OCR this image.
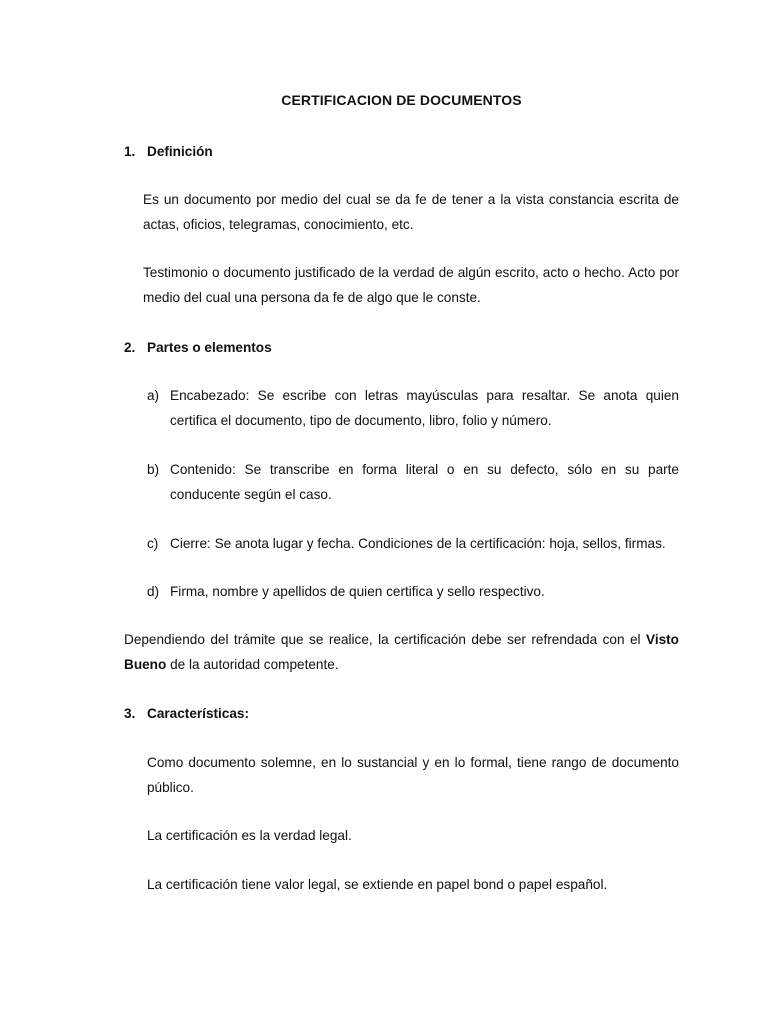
CERTIFICACION DE DOCUMENTOS
1. Definición
Es un documento por medio del cual se da fe de tener a la vista constancia escrita de actas, oficios, telegramas, conocimiento, etc.
Testimonio o documento justificado de la verdad de algún escrito, acto o hecho. Acto por medio del cual una persona da fe de algo que le conste.
2. Partes o elementos
a) Encabezado: Se escribe con letras mayúsculas para resaltar. Se anota quien certifica el documento, tipo de documento, libro, folio y número.
b) Contenido: Se transcribe en forma literal o en su defecto, sólo en su parte conducente según el caso.
c) Cierre: Se anota lugar y fecha. Condiciones de la certificación: hoja, sellos, firmas.
d) Firma, nombre y apellidos de quien certifica y sello respectivo.
Dependiendo del trámite que se realice, la certificación debe ser refrendada con el Visto Bueno de la autoridad competente.
3. Características:
Como documento solemne, en lo sustancial y en lo formal, tiene rango de documento público.
La certificación es la verdad legal.
La certificación tiene valor legal, se extiende en papel bond o papel español.
